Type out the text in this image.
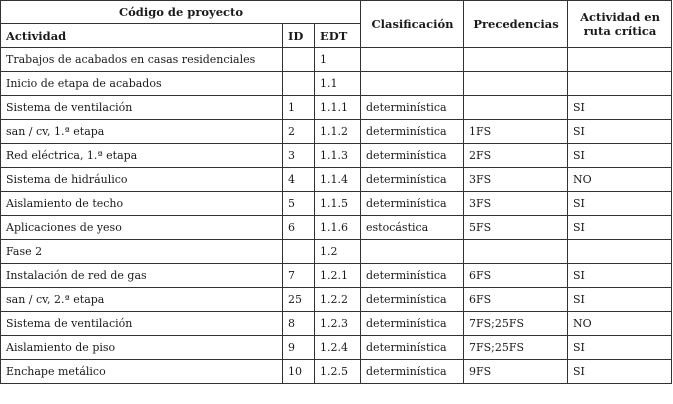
Código de proyecto			Clasificación	Precedencias	Actividad en ruta crítica
Actividad	ID	EDT			
Trabajos de acabados en casas residenciales		1			
Inicio de etapa de acabados		1.1			
Sistema de ventilación	1	1.1.1	determinística		SI
san / cv, 1.ª etapa	2	1.1.2	determinística	1FS	SI
Red eléctrica, 1.ª etapa	3	1.1.3	determinística	2FS	SI
Sistema de hidráulico	4	1.1.4	determinística	3FS	NO
Aislamiento de techo	5	1.1.5	determinística	3FS	SI
Aplicaciones de yeso	6	1.1.6	estocástica	5FS	SI
Fase 2		1.2			
Instalación de red de gas	7	1.2.1	determinística	6FS	SI
san / cv, 2.ª etapa	25	1.2.2	determinística	6FS	SI
Sistema de ventilación	8	1.2.3	determinística	7FS;25FS	NO
Aislamiento de piso	9	1.2.4	determinística	7FS;25FS	SI
Enchape metálico	10	1.2.5	determinística	9FS	SI
